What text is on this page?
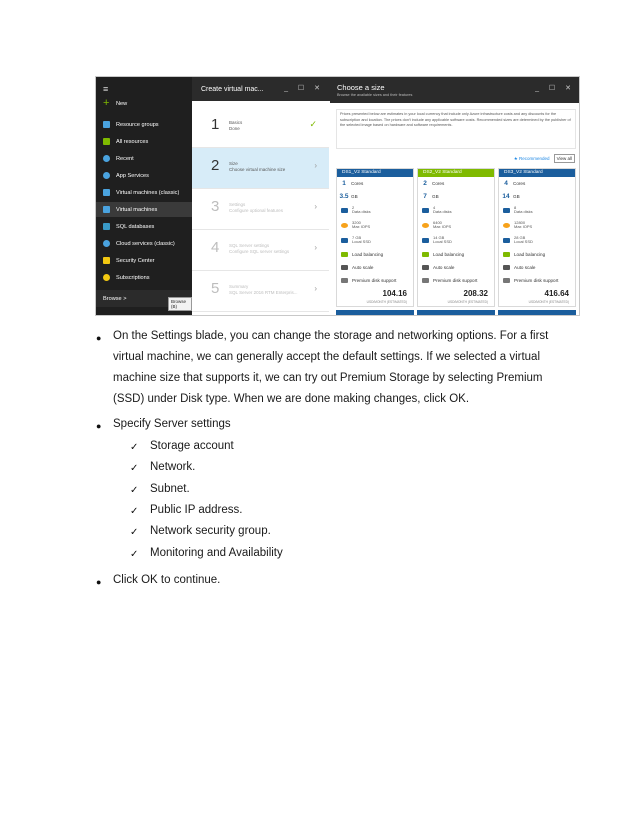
≡
+ New
Resource groups
All resources
Recent
App Services
Virtual machines (classic)
Virtual machines
SQL databases
Cloud services (classic)
Security Center
Subscriptions
Browse >	Browse (B)
Create virtual mac...	_ ☐ ✕
1 Basics
Done	✓
2 Size
Choose virtual machine size	›
3 Settings
Configure optional features	›
4 SQL Server settings
Configure SQL server settings	›
5 Summary
SQL Server 2016 RTM Enterpris... ›
Choose a size
Browse the available sizes and their features
_ ☐ ✕
Prices presented below are estimates in your local currency that include only Azure infrastructure costs and any discounts for the subscription and location. The prices don't include any applicable software costs. Recommended sizes are determined by the publisher of the selected image based on hardware and software requirements.
★ Recommended	View all
DS1_V2 Standard
1	Cores
3.5 GB
2
Data disks
3200
Max IOPS
7 GB
Local SSD
Load balancing
Auto scale
Premium disk support
104.16
USD/MONTH (ESTIMATED)
DS2_V2 Standard
2	Cores
7	GB
4
Data disks
6400
Max IOPS
14 GB
Local SSD
Load balancing
Auto scale
Premium disk support
208.32
USD/MONTH (ESTIMATED)
DS3_V2 Standard
4	Cores
14 GB
8
Data disks
12800
Max IOPS
28 GB
Local SSD
Load balancing
Auto scale
Premium disk support
416.64
USD/MONTH (ESTIMATED)
● On the Settings blade, you can change the storage and networking options. For a first
virtual machine, we can generally accept the default settings. If we selected a virtual
machine size that supports it, we can try out Premium Storage by selecting Premium
(SSD) under Disk type. When we are done making changes, click OK.
● Specify Server settings
✓ Storage account
✓ Network.
✓ Subnet.
✓ Public IP address.
✓ Network security group.
✓ Monitoring and Availability
● Click OK to continue.
